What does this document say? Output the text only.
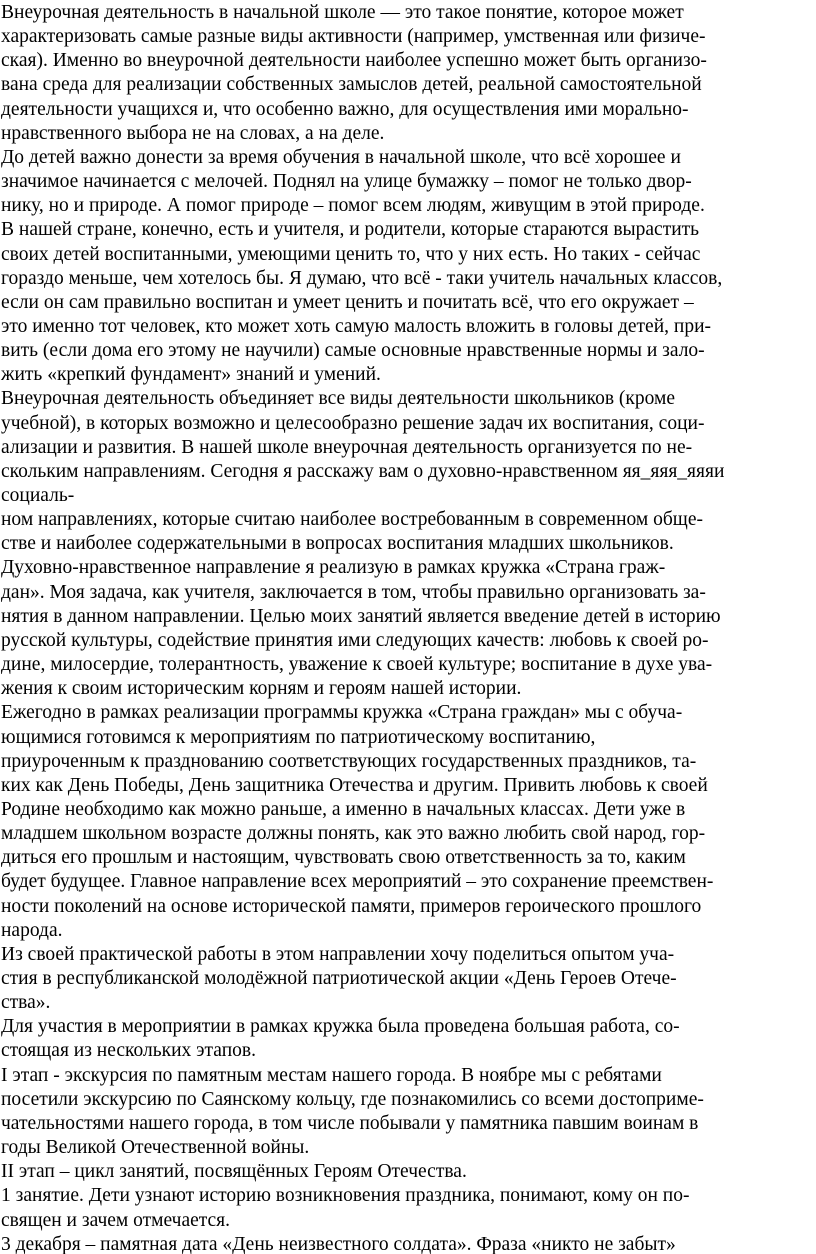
Внеурочная деятельность в начальной школе — это такое понятие, которое может
характеризовать самые разные виды активности (например, умственная или физиче-
ская). Именно во внеурочной деятельности наиболее успешно может быть организо-
вана среда для реализации собственных замыслов детей, реальной самостоятельной
деятельности учащихся и, что особенно важно, для осуществления ими морально-
нравственного выбора не на словах, а на деле.
До детей важно донести за время обучения в начальной школе, что всё хорошее и
значимое начинается с мелочей. Поднял на улице бумажку – помог не только двор-
нику, но и природе. А помог природе – помог всем людям, живущим в этой природе.
В нашей стране, конечно, есть и учителя, и родители, которые стараются вырастить
своих детей воспитанными, умеющими ценить то, что у них есть. Но таких - сейчас
гораздо меньше, чем хотелось бы. Я думаю, что всё - таки учитель начальных классов,
если он сам правильно воспитан и умеет ценить и почитать всё, что его окружает –
это именно тот человек, кто может хоть самую малость вложить в головы детей, при-
вить (если дома его этому не научили) самые основные нравственные нормы и зало-
жить «крепкий фундамент» знаний и умений.
Внеурочная деятельность объединяет все виды деятельности школьников (кроме
учебной), в которых возможно и целесообразно решение задач их воспитания, соци-
ализации и развития. В нашей школе внеурочная деятельность организуется по не-
скольким направлениям. Сегодня я расскажу вам о духовно-нравственном яя_яяя_яяяи
социаль-
ном направлениях, которые считаю наиболее востребованным в современном обще-
стве и наиболее содержательными в вопросах воспитания младших школьников.
Духовно-нравственное направление я реализую в рамках кружка «Страна граж-
дан». Моя задача, как учителя, заключается в том, чтобы правильно организовать за-
нятия в данном направлении. Целью моих занятий является введение детей в историю
русской культуры, содействие принятия ими следующих качеств: любовь к своей ро-
дине, милосердие, толерантность, уважение к своей культуре; воспитание в духе ува-
жения к своим историческим корням и героям нашей истории.
Ежегодно в рамках реализации программы кружка «Страна граждан» мы с обуча-
ющимися готовимся к мероприятиям по патриотическому воспитанию,
приуроченным к празднованию соответствующих государственных праздников, та-
ких как День Победы, День защитника Отечества и другим. Привить любовь к своей
Родине необходимо как можно раньше, а именно в начальных классах. Дети уже в
младшем школьном возрасте должны понять, как это важно любить свой народ, гор-
диться его прошлым и настоящим, чувствовать свою ответственность за то, каким
будет будущее. Главное направление всех мероприятий – это сохранение преемствен-
ности поколений на основе исторической памяти, примеров героического прошлого
народа.
Из своей практической работы в этом направлении хочу поделиться опытом уча-
стия в республиканской молодёжной патриотической акции «День Героев Отече-
ства».
Для участия в мероприятии в рамках кружка была проведена большая работа, со-
стоящая из нескольких этапов.
I этап - экскурсия по памятным местам нашего города. В ноябре мы с ребятами
посетили экскурсию по Саянскому кольцу, где познакомились со всеми достоприме-
чательностями нашего города, в том числе побывали у памятника павшим воинам в
годы Великой Отечественной войны.
II этап – цикл занятий, посвящённых Героям Отечества.
1 занятие. Дети узнают историю возникновения праздника, понимают, кому он по-
священ и зачем отмечается.
3 декабря – памятная дата «День неизвестного солдата». Фраза «никто не забыт»
